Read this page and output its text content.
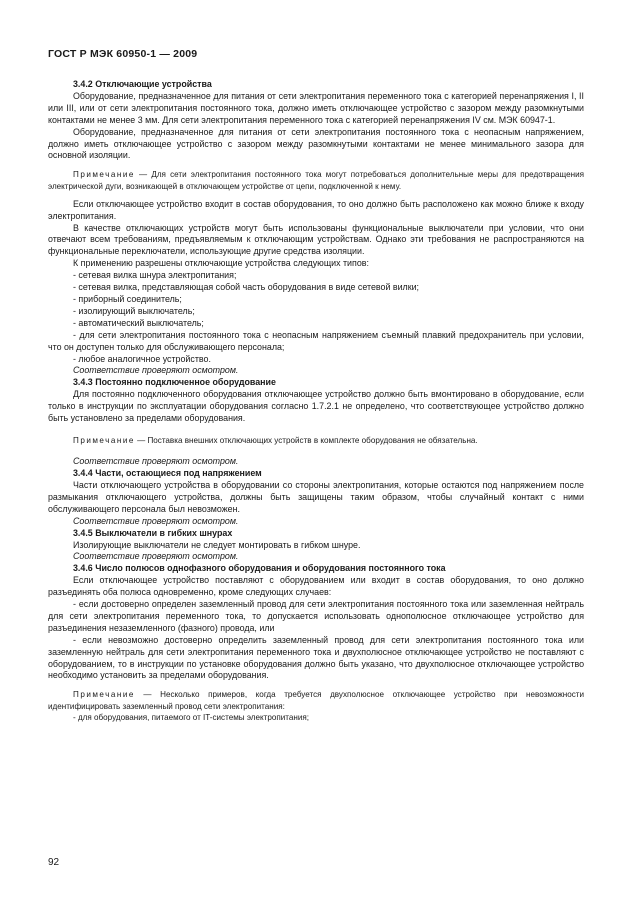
ГОСТ Р МЭК 60950-1 — 2009

3.4.2 Отключающие устройства

Оборудование, предназначенное для питания от сети электропитания переменного тока с категорией перенапряжения I, II или III, или от сети электропитания постоянного тока, должно иметь отключающее устройство с зазором между разомкнутыми контактами не менее 3 мм. Для сети электропитания переменного тока с категорией перенапряжения IV см. МЭК 60947-1.

Оборудование, предназначенное для питания от сети электропитания постоянного тока с неопасным напряжением, должно иметь отключающее устройство с зазором между разомкнутыми контактами не менее минимального зазора для основной изоляции.

Примечание — Для сети электропитания постоянного тока могут потребоваться дополнительные меры для предотвращения электрической дуги, возникающей в отключающем устройстве от цепи, подключенной к нему.

Если отключающее устройство входит в состав оборудования, то оно должно быть расположено как можно ближе к входу электропитания.

В качестве отключающих устройств могут быть использованы функциональные выключатели при условии, что они отвечают всем требованиям, предъявляемым к отключающим устройствам. Однако эти требования не распространяются на функциональные переключатели, использующие другие средства изоляции.

К применению разрешены отключающие устройства следующих типов:

- сетевая вилка шнура электропитания;

- сетевая вилка, представляющая собой часть оборудования в виде сетевой вилки;

- приборный соединитель;

- изолирующий выключатель;

- автоматический выключатель;

- для сети электропитания постоянного тока с неопасным напряжением съемный плавкий предохранитель при условии, что он доступен только для обслуживающего персонала;

- любое аналогичное устройство.

Соответствие проверяют осмотром.

3.4.3 Постоянно подключенное оборудование

Для постоянно подключенного оборудования отключающее устройство должно быть вмонтировано в оборудование, если только в инструкции по эксплуатации оборудования согласно 1.7.2.1 не определено, что соответствующее устройство должно быть установлено за пределами оборудования.

Примечание — Поставка внешних отключающих устройств в комплекте оборудования не обязательна.

Соответствие проверяют осмотром.

3.4.4 Части, остающиеся под напряжением

Части отключающего устройства в оборудовании со стороны электропитания, которые остаются под напряжением после размыкания отключающего устройства, должны быть защищены таким образом, чтобы случайный контакт с ними обслуживающего персонала был невозможен.

Соответствие проверяют осмотром.

3.4.5 Выключатели в гибких шнурах

Изолирующие выключатели не следует монтировать в гибком шнуре.

Соответствие проверяют осмотром.

3.4.6 Число полюсов однофазного оборудования и оборудования постоянного тока

Если отключающее устройство поставляют с оборудованием или входит в состав оборудования, то оно должно разъединять оба полюса одновременно, кроме следующих случаев:

- если достоверно определен заземленный провод для сети электропитания постоянного тока или заземленная нейтраль для сети электропитания переменного тока, то допускается использовать однополюсное отключающее устройство для разъединения незаземленного (фазного) провода, или

- если невозможно достоверно определить заземленный провод для сети электропитания постоянного тока или заземленную нейтраль для сети электропитания переменного тока и двухполюсное отключающее устройство не поставляют с оборудованием, то в инструкции по установке оборудования должно быть указано, что двухполюсное отключающее устройство необходимо установить за пределами оборудования.

Примечание — Несколько примеров, когда требуется двухполюсное отключающее устройство при невозможности идентифицировать заземленный провод сети электропитания:

- для оборудования, питаемого от IT-системы электропитания;

92
